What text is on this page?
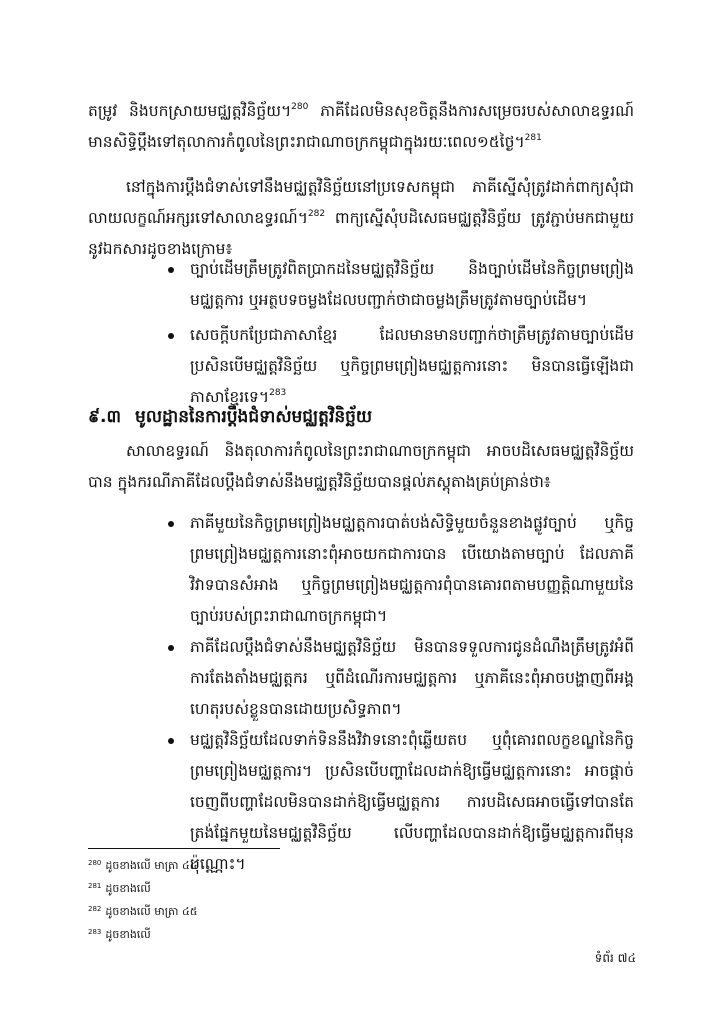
តម្រូវ និងបកស្រាយមជ្ឈត្តវិនិច្ឆ័យ។$^{280}$ ភាគីដែលមិនសុខចិត្តនឹងការសម្រេចរបស់សាលាឧទ្ធរណ៍ មានសិទ្ធិប្តឹងទៅតុលាការកំពូលនៃព្រះរាជាណាចក្រកម្ពុជាក្នុងរយៈពេល១៥ថ្ងៃ។$^{281}$
នៅក្នុងការប្តឹងជំទាស់ទៅនឹងមជ្ឈត្តវិនិច្ឆ័យនៅប្រទេសកម្ពុជា ភាគីស្នើសុំត្រូវដាក់ពាក្យសុំជាលាយលក្ខណ៍អក្សរទៅសាលាឧទ្ធរណ៍។$^{282}$ ពាក្យស្នើសុំបដិសេធមជ្ឈត្តវិនិច្ឆ័យ ត្រូវភ្ជាប់មកជាមួយនូវឯកសារដូចខាងក្រោម៖
ច្បាប់ដើមត្រឹមត្រូវពិតប្រាកដនៃមជ្ឈត្តវិនិច្ឆ័យ និងច្បាប់ដើមនៃកិច្ចព្រមព្រៀងមជ្ឈត្តការ ឬអត្ថបទចម្លងដែលបញ្ជាក់ថាជាចម្លងត្រឹមត្រូវតាមច្បាប់ដើម។
សេចក្តីបកប្រែជាភាសាខ្មែរ ដែលមានមានបញ្ជាក់ថាត្រឹមត្រូវតាមច្បាប់ដើម ប្រសិនបើមជ្ឈត្តវិនិច្ឆ័យ ឬកិច្ចព្រមព្រៀងមជ្ឈត្តការនោះ មិនបានធ្វើឡើងជាភាសាខ្មែរទេ។$^{283}$
៩.៣ មូលដ្ឋាននៃការប្តឹងជំទាស់មជ្ឈត្តវិនិច្ឆ័យ
សាលាឧទ្ធរណ៍ និងតុលាការកំពូលនៃព្រះរាជាណាចក្រកម្ពុជា អាចបដិសេធមជ្ឈត្តវិនិច្ឆ័យបាន ក្នុងករណីភាគីដែលប្តឹងជំទាស់នឹងមជ្ឈត្តវិនិច្ឆ័យបានផ្តល់ភស្តុតាងគ្រប់គ្រាន់ថា៖
ភាគីមួយនៃកិច្ចព្រមព្រៀងមជ្ឈត្តការបាត់បង់សិទ្ធិមួយចំនួនខាងផ្លូវច្បាប់ ឬកិច្ចព្រមព្រៀងមជ្ឈត្តការនោះពុំអាចយកជាការបាន បើយោងតាមច្បាប់ ដែលភាគីវិវាទបានសំអាង ឬកិច្ចព្រមព្រៀងមជ្ឈត្តការពុំបានគោរពតាមបញ្ញត្តិណាមួយនៃច្បាប់របស់ព្រះរាជាណាចក្រកម្ពុជា។
ភាគីដែលប្តឹងជំទាស់នឹងមជ្ឈត្តវិនិច្ឆ័យ មិនបានទទួលការជូនដំណឹងត្រឹមត្រូវអំពីការតែងតាំងមជ្ឈត្តករ ឬពីដំណើរការមជ្ឈត្តការ ឬភាគីនេះពុំអាចបង្ហាញពីអង្គហេតុរបស់ខ្លួនបានដោយប្រសិទ្ធភាព។
មជ្ឈត្តវិនិច្ឆ័យដែលទាក់ទិននឹងវិវាទនោះពុំឆ្លើយតប ឬពុំគោរពលក្ខខណ្ឌនៃកិច្ចព្រមព្រៀងមជ្ឈត្តការ។ ប្រសិនបើបញ្ហាដែលដាក់ឱ្យធ្វើមជ្ឈត្តការនោះ អាចផ្តាច់ចេញពីបញ្ហាដែលមិនបានដាក់ឱ្យធ្វើមជ្ឈត្តការ ការបដិសេធអាចធ្វើទៅបានតែត្រង់ផ្នែកមួយនៃមជ្ឈត្តវិនិច្ឆ័យ លើបញ្ហាដែលបានដាក់ឱ្យធ្វើមជ្ឈត្តការពីមុនប៉ុណ្ណោះ។
$^{280}$ ដូចខាងលើ មាត្រា ៤៤
$^{281}$ ដូចខាងលើ
$^{282}$ ដូចខាងលើ មាត្រា ៤៥
$^{283}$ ដូចខាងលើ
ទំព័រ ៧៤
